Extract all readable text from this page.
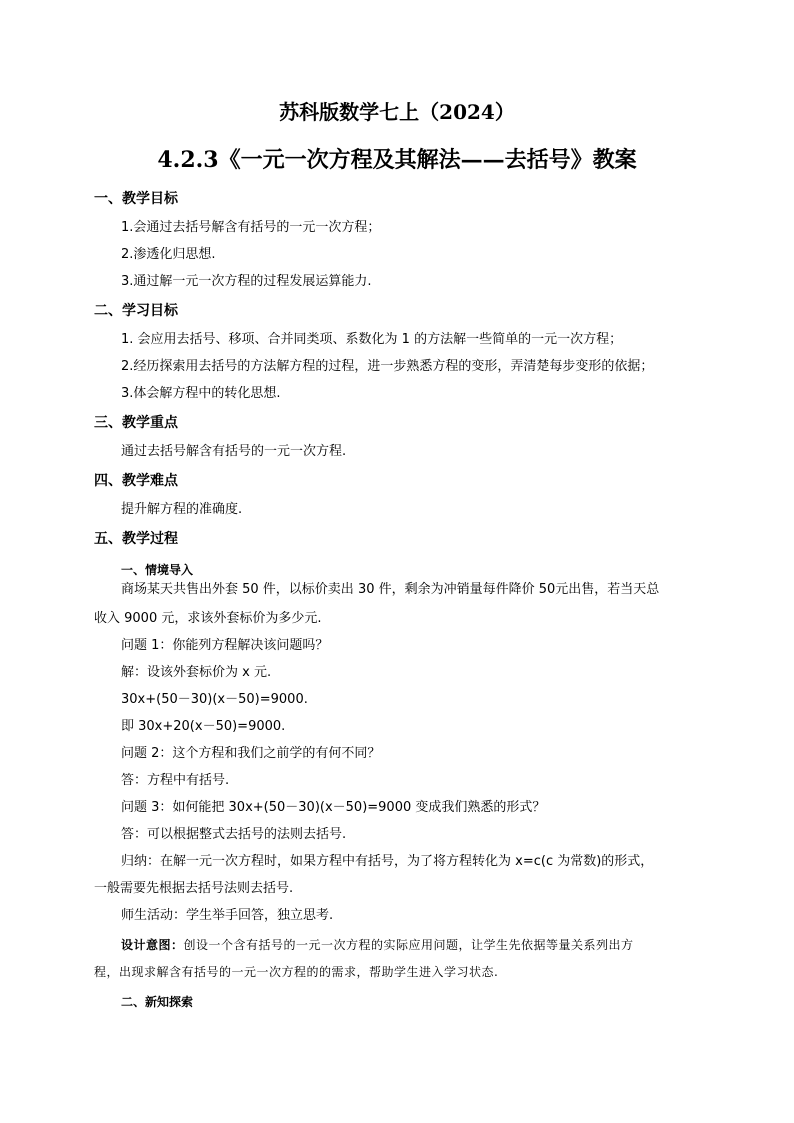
苏科版数学七上（2024）
4.2.3《一元一次方程及其解法——去括号》教案
一、教学目标
1.会通过去括号解含有括号的一元一次方程；
2.渗透化归思想.
3.通过解一元一次方程的过程发展运算能力.
二、学习目标
1. 会应用去括号、移项、合并同类项、系数化为 1 的方法解一些简单的一元一次方程；
2.经历探索用去括号的方法解方程的过程，进一步熟悉方程的变形，弄清楚每步变形的依据；
3.体会解方程中的转化思想.
三、教学重点
通过去括号解含有括号的一元一次方程.
四、教学难点
提升解方程的准确度.
五、教学过程
一、情境导入
商场某天共售出外套 50 件，以标价卖出 30 件，剩余为冲销量每件降价 50元出售，若当天总
收入 9000 元，求该外套标价为多少元.
问题 1：你能列方程解决该问题吗？
解：设该外套标价为 x 元.
30x+(50－30)(x－50)=9000.
即 30x+20(x－50)=9000.
问题 2：这个方程和我们之前学的有何不同？
答：方程中有括号.
问题 3：如何能把 30x+(50－30)(x－50)=9000 变成我们熟悉的形式？
答：可以根据整式去括号的法则去括号.
归纳：在解一元一次方程时，如果方程中有括号，为了将方程转化为 x=c(c 为常数)的形式，
一般需要先根据去括号法则去括号.
师生活动：学生举手回答，独立思考.
设计意图：创设一个含有括号的一元一次方程的实际应用问题，让学生先依据等量关系列出方
程，出现求解含有括号的一元一次方程的的需求，帮助学生进入学习状态.
二、新知探索
